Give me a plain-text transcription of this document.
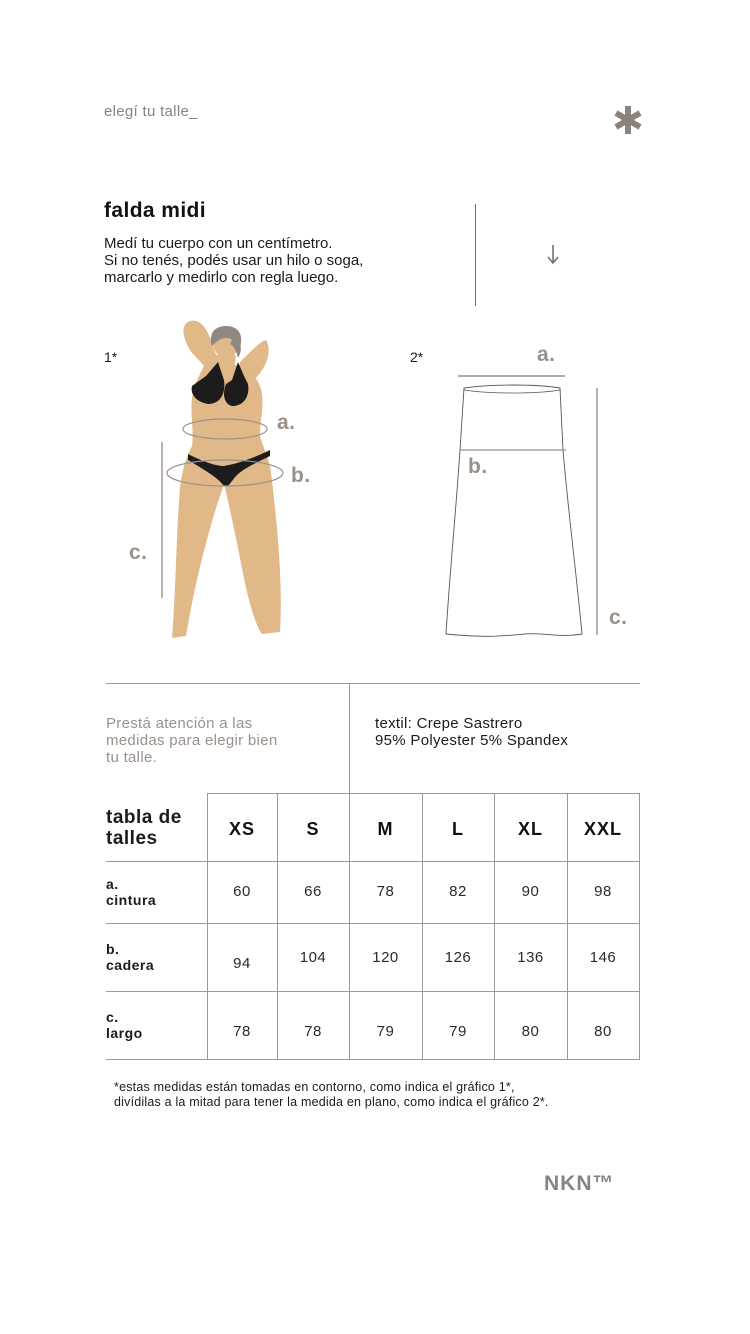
elegí tu talle_
falda midi
Medí tu cuerpo con un centímetro.
Si no tenés, podés usar un hilo o soga,
marcarlo y medirlo con regla luego.
1*
a.
b.
c.
2*	a.
b.
c.
Prestá atención a las
medidas para elegir bien
tu talle.
textil: Crepe Sastrero
95% Polyester 5% Spandex
tabla de
talles	XS	S	M	L	XL	XXL
a.
cintura
60	66	78	82	90	98
b.
cadera	94	104	120	126	136	146
c.
largo	78	78	79	79	80	80
*estas medidas están tomadas en contorno, como indica el gráfico 1*,
divídilas a la mitad para tener la medida en plano, como indica el gráfico 2*.
NKN™
